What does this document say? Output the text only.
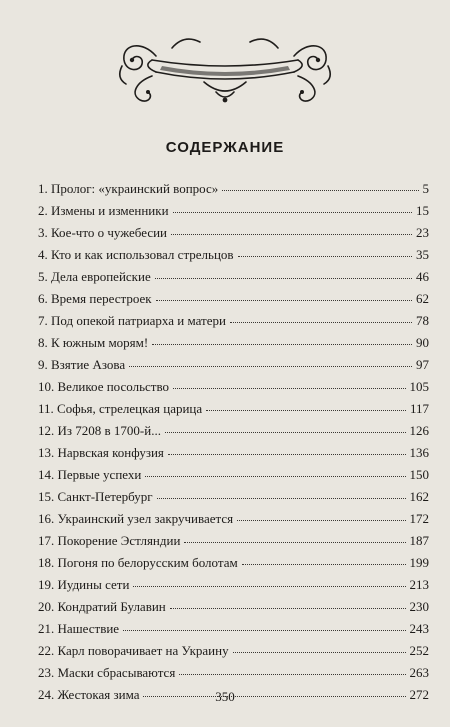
СОДЕРЖАНИЕ
1. Пролог: «украинский вопрос»	5
2. Измены и изменники	15
3. Кое-что о чужебесии	23
4. Кто и как использовал стрельцов	35
5. Дела европейские	46
6. Время перестроек	62
7. Под опекой патриарха и матери	78
8. К южным морям!	90
9. Взятие Азова	97
10. Великое посольство	105
11. Софья, стрелецкая царица	117
12. Из 7208 в 1700-й...	126
13. Нарвская конфузия	136
14. Первые успехи	150
15. Санкт-Петербург	162
16. Украинский узел закручивается	172
17. Покорение Эстляндии	187
18. Погоня по белорусским болотам	199
19. Иудины сети	213
20. Кондратий Булавин	230
21. Нашествие	243
22. Карл поворачивает на Украину	252
23. Маски сбрасываются	263
24. Жестокая зима	272
350
